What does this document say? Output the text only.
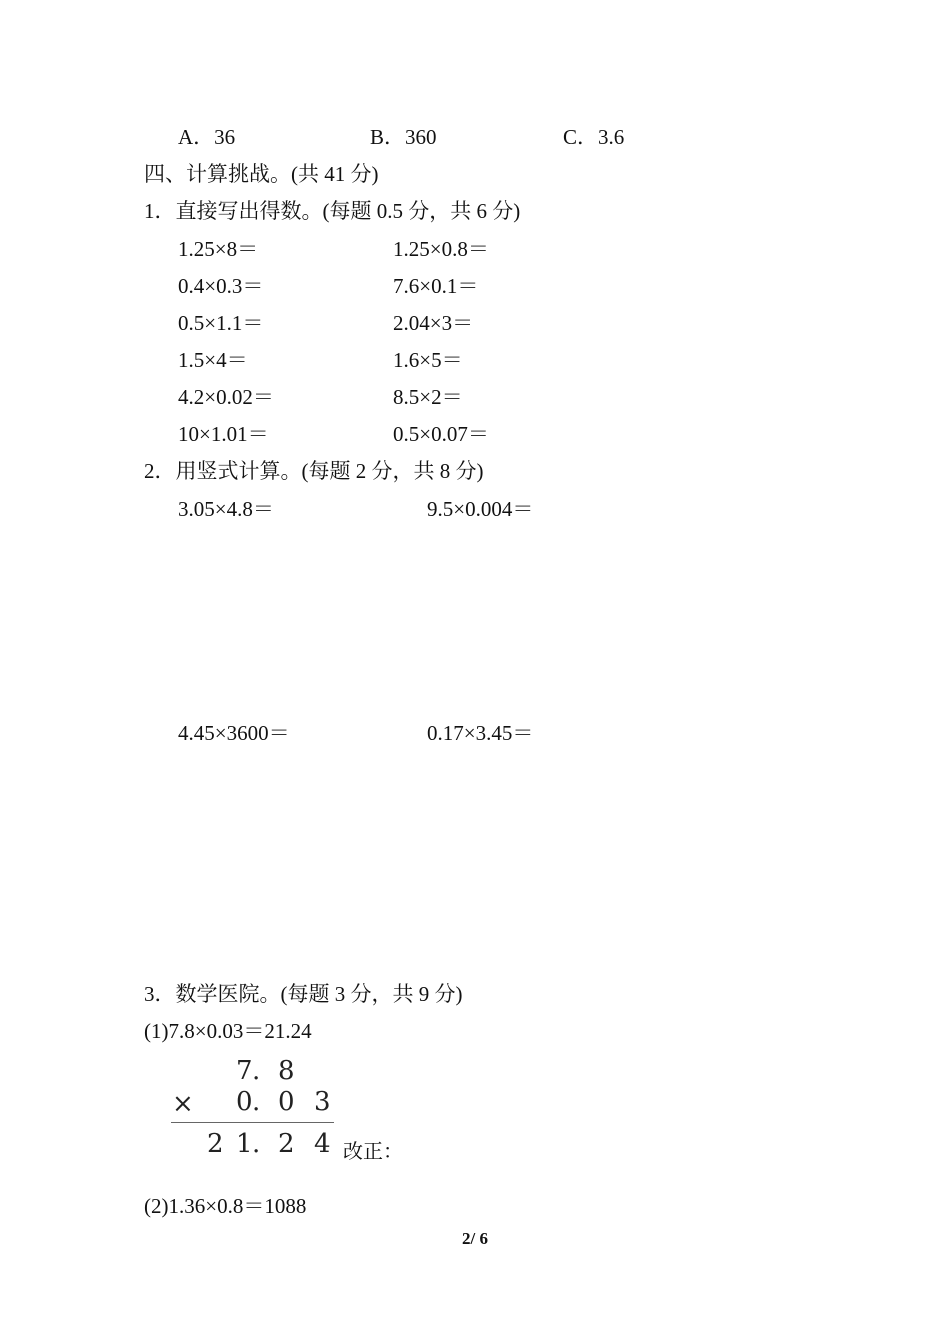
A．36	B．360	C．3.6
四、计算挑战。(共 41 分)
1．直接写出得数。(每题 0.5 分，共 6 分)
1.25×8＝	1.25×0.8＝
0.4×0.3＝	7.6×0.1＝
0.5×1.1＝	2.04×3＝
1.5×4＝	1.6×5＝
4.2×0.02＝	8.5×2＝
10×1.01＝	0.5×0.07＝
2．用竖式计算。(每题 2 分，共 8 分)
3.05×4.8＝	9.5×0.004＝
4.45×3600＝	0.17×3.45＝
3．数学医院。(每题 3 分，共 9 分)
(1)7.8×0.03＝21.24
7 . 8
× 0 . 0 3
2 1 . 2 4 改正：
(2)1.36×0.8＝1088
2/ 6
